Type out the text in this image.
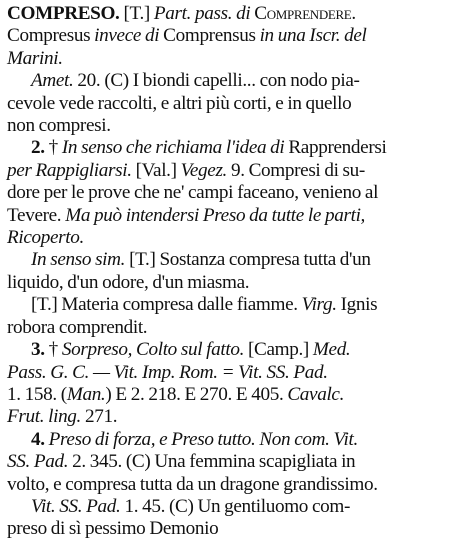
COMPRESO. [T.] Part. pass. di Comprendere.
Compresus invece di Comprensus in una Iscr. del
Marini.
Amet. 20. (C) I biondi capelli... con nodo pia-
cevole vede raccolti, e altri più corti, e in quello
non compresi.
2. † In senso che richiama l'idea di Rapprendersi
per Rappigliarsi. [Val.] Vegez. 9. Compresi di su-
dore per le prove che ne' campi faceano, venieno al
Tevere. Ma può intendersi Preso da tutte le parti,
Ricoperto.
In senso sim. [T.] Sostanza compresa tutta d'un
liquido, d'un odore, d'un miasma.
[T.] Materia compresa dalle fiamme. Virg. Ignis
robora comprendit.
3. † Sorpreso, Colto sul fatto. [Camp.] Med.
Pass. G. C. — Vit. Imp. Rom. = Vit. SS. Pad.
1. 158. (Man.) E 2. 218. E 270. E 405. Cavalc.
Frut. ling. 271.
4. Preso di forza, e Preso tutto. Non com. Vit.
SS. Pad. 2. 345. (C) Una femmina scapigliata in
volto, e compresa tutta da un dragone grandissimo.
Vit. SS. Pad. 1. 45. (C) Un gentiluomo com-
preso di sì pessimo Demonio
